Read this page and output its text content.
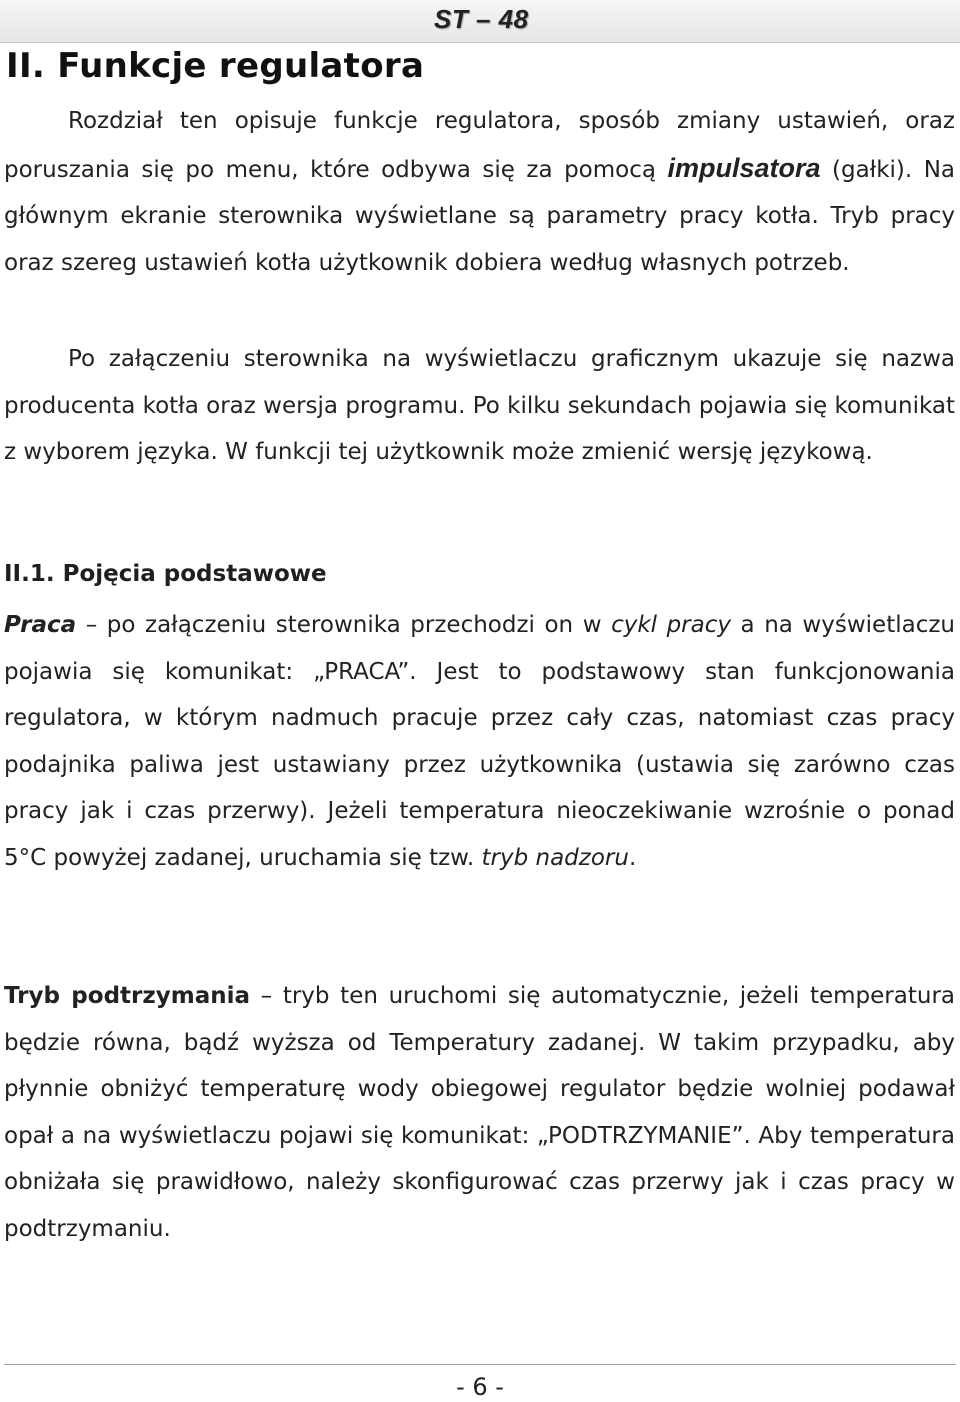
ST – 48
II. Funkcje regulatora

Rozdział ten opisuje funkcje regulatora, sposób zmiany ustawień, oraz poruszania się po menu, które odbywa się za pomocą impulsatora (gałki). Na głównym ekranie sterownika wyświetlane są parametry pracy kotła. Tryb pracy oraz szereg ustawień kotła użytkownik dobiera według własnych potrzeb.

Po załączeniu sterownika na wyświetlaczu graficznym ukazuje się nazwa producenta kotła oraz wersja programu. Po kilku sekundach pojawia się komunikat z wyborem języka. W funkcji tej użytkownik może zmienić wersję językową.

II.1. Pojęcia podstawowe

Praca – po załączeniu sterownika przechodzi on w cykl pracy a na wyświetlaczu pojawia się komunikat: „PRACA”. Jest to podstawowy stan funkcjonowania regulatora, w którym nadmuch pracuje przez cały czas, natomiast czas pracy podajnika paliwa jest ustawiany przez użytkownika (ustawia się zarówno czas pracy jak i czas przerwy). Jeżeli temperatura nieoczekiwanie wzrośnie o ponad 5°C powyżej zadanej, uruchamia się tzw. tryb nadzoru.

Tryb podtrzymania – tryb ten uruchomi się automatycznie, jeżeli temperatura będzie równa, bądź wyższa od Temperatury zadanej. W takim przypadku, aby płynnie obniżyć temperaturę wody obiegowej regulator będzie wolniej podawał opał a na wyświetlaczu pojawi się komunikat: „PODTRZYMANIE”. Aby temperatura obniżała się prawidłowo, należy skonfigurować czas przerwy jak i czas pracy w podtrzymaniu.

- 6 -
